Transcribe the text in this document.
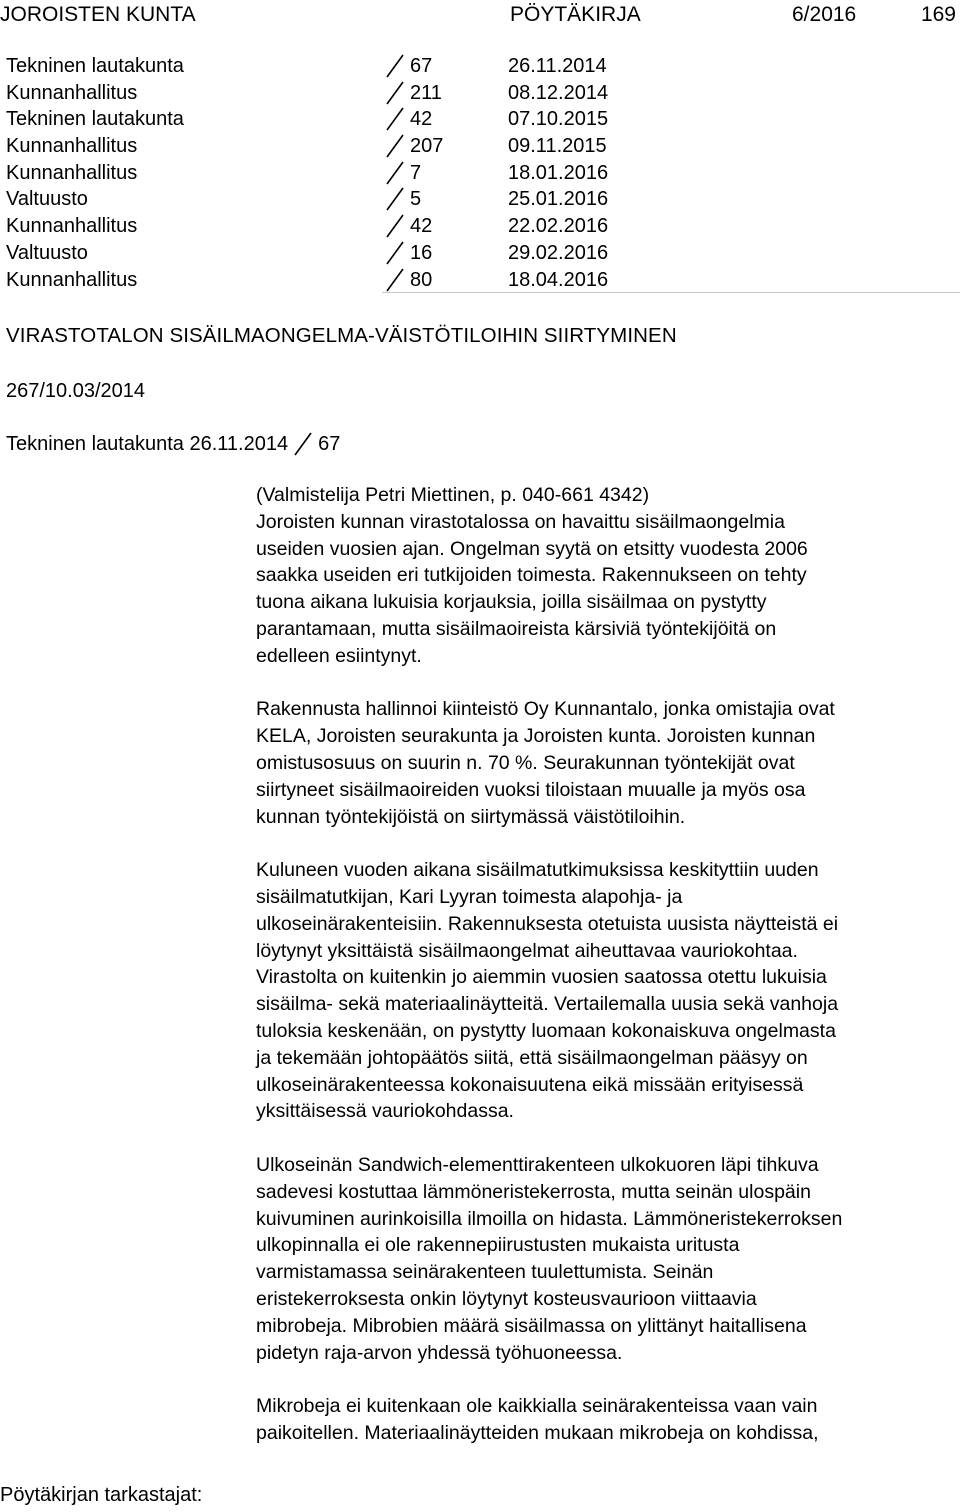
JOROISTEN KUNTA	PÖYTÄKIRJA	6/2016	169
Tekninen lautakunta	67	26.11.2014
Kunnanhallitus	211	08.12.2014
Tekninen lautakunta	42	07.10.2015
Kunnanhallitus	207	09.11.2015
Kunnanhallitus	7	18.01.2016
Valtuusto	5	25.01.2016
Kunnanhallitus	42	22.02.2016
Valtuusto	16	29.02.2016
Kunnanhallitus	80	18.04.2016
VIRASTOTALON SISÄILMAONGELMA-VÄISTÖTILOIHIN SIIRTYMINEN
267/10.03/2014
Tekninen lautakunta 26.11.2014 67

(Valmistelija Petri Miettinen, p. 040-661 4342)
Joroisten kunnan virastotalossa on havaittu sisäilmaongelmia
useiden vuosien ajan. Ongelman syytä on etsitty vuodesta 2006
saakka useiden eri tutkijoiden toimesta. Rakennukseen on tehty
tuona aikana lukuisia korjauksia, joilla sisäilmaa on pystytty
parantamaan, mutta sisäilmaoireista kärsiviä työntekijöitä on
edelleen esiintynyt.

Rakennusta hallinnoi kiinteistö Oy Kunnantalo, jonka omistajia ovat
KELA, Joroisten seurakunta ja Joroisten kunta. Joroisten kunnan
omistusosuus on suurin n. 70 %. Seurakunnan työntekijät ovat
siirtyneet sisäilmaoireiden vuoksi tiloistaan muualle ja myös osa
kunnan työntekijöistä on siirtymässä väistötiloihin.

Kuluneen vuoden aikana sisäilmatutkimuksissa keskityttiin uuden
sisäilmatutkijan, Kari Lyyran toimesta alapohja- ja
ulkoseinärakenteisiin. Rakennuksesta otetuista uusista näytteistä ei
löytynyt yksittäistä sisäilmaongelmat aiheuttavaa vauriokohtaa.
Virastolta on kuitenkin jo aiemmin vuosien saatossa otettu lukuisia
sisäilma- sekä materiaalinäytteitä. Vertailemalla uusia sekä vanhoja
tuloksia keskenään, on pystytty luomaan kokonaiskuva ongelmasta
ja tekemään johtopäätös siitä, että sisäilmaongelman pääsyy on
ulkoseinärakenteessa kokonaisuutena eikä missään erityisessä
yksittäisessä vauriokohdassa.

Ulkoseinän Sandwich-elementtirakenteen ulkokuoren läpi tihkuva
sadevesi kostuttaa lämmöneristekerrosta, mutta seinän ulospäin
kuivuminen aurinkoisilla ilmoilla on hidasta. Lämmöneristekerroksen
ulkopinnalla ei ole rakennepiirustusten mukaista uritusta
varmistamassa seinärakenteen tuulettumista. Seinän
eristekerroksesta onkin löytynyt kosteusvaurioon viittaavia
mibrobeja. Mibrobien määrä sisäilmassa on ylittänyt haitallisena
pidetyn raja-arvon yhdessä työhuoneessa.

Mikrobeja ei kuitenkaan ole kaikkialla seinärakenteissa vaan vain
paikoitellen. Materiaalinäytteiden mukaan mikrobeja on kohdissa,

Pöytäkirjan tarkastajat:
